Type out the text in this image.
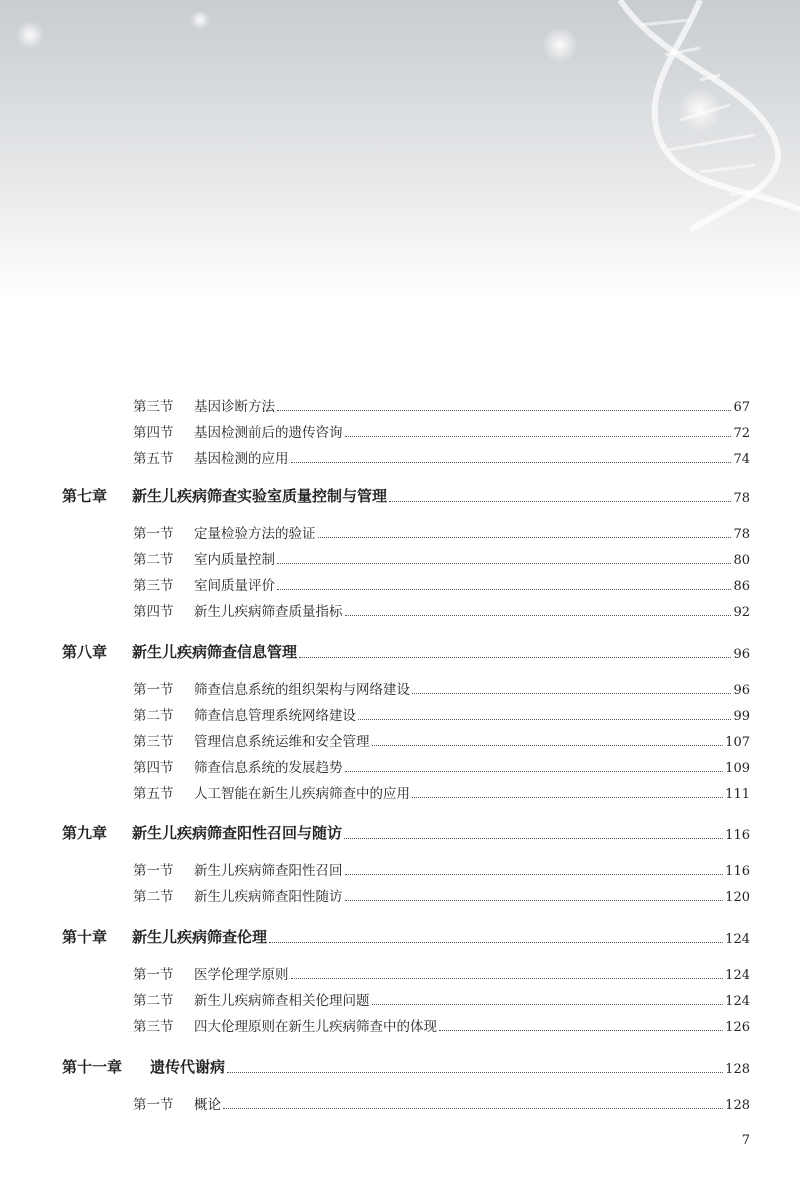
第三节	基因诊断方法	67
第四节	基因检测前后的遗传咨询	72
第五节	基因检测的应用	74
第七章	新生儿疾病筛查实验室质量控制与管理	78
第一节	定量检验方法的验证	78
第二节	室内质量控制	80
第三节	室间质量评价	86
第四节	新生儿疾病筛查质量指标	92
第八章	新生儿疾病筛查信息管理	96
第一节	筛查信息系统的组织架构与网络建设	96
第二节	筛查信息管理系统网络建设	99
第三节	管理信息系统运维和安全管理	107
第四节	筛查信息系统的发展趋势	109
第五节	人工智能在新生儿疾病筛查中的应用	111
第九章	新生儿疾病筛查阳性召回与随访	116
第一节	新生儿疾病筛查阳性召回	116
第二节	新生儿疾病筛查阳性随访	120
第十章	新生儿疾病筛查伦理	124
第一节	医学伦理学原则	124
第二节	新生儿疾病筛查相关伦理问题	124
第三节	四大伦理原则在新生儿疾病筛查中的体现	126
第十一章	遗传代谢病	128
第一节	概论	128
7
